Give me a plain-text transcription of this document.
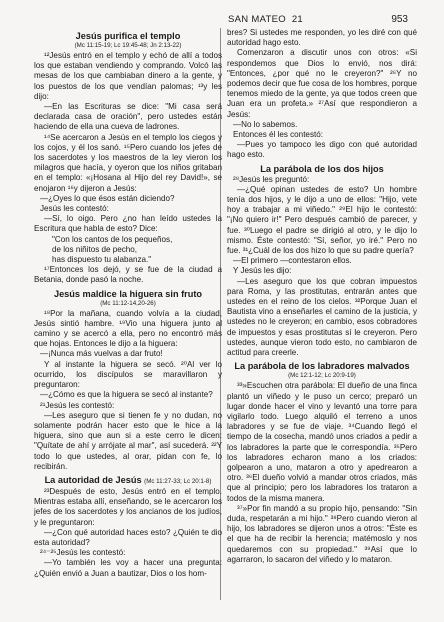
SAN MATEO 21	953
Jesús purifica el templo
(Mc 11:15-19; Lc 19:45-48; Jn 2:13-22)

¹²Jesús entró en el templo y echó de allí a todos los que estaban vendiendo y comprando. Volcó las mesas de los que cambiaban dinero a la gente, y los puestos de los que vendían palomas; ¹³y les dijo:

—En las Escrituras se dice: "Mi casa será declarada casa de oración", pero ustedes están haciendo de ella una cueva de ladrones.

¹⁴Se acercaron a Jesús en el templo los ciegos y los cojos, y él los sanó. ¹⁵Pero cuando los jefes de los sacerdotes y los maestros de la ley vieron los milagros que hacía, y oyeron que los niños gritaban en el templo: «¡Hosana al Hijo del rey David!», se enojaron ¹⁶y dijeron a Jesús:

—¿Oyes lo que ésos están diciendo?

Jesús les contestó:

—Sí, lo oigo. Pero ¿no han leído ustedes la Escritura que habla de esto? Dice:

"Con los cantos de los pequeños,

de los niñitos de pecho,

has dispuesto tu alabanza."

¹⁷Entonces los dejó, y se fue de la ciudad a Betania, donde pasó la noche.

Jesús maldice la higuera sin fruto
(Mc 11:12-14,20-26)

¹⁸Por la mañana, cuando volvía a la ciudad, Jesús sintió hambre. ¹⁹Vio una higuera junto al camino y se acercó a ella, pero no encontró más que hojas. Entonces le dijo a la higuera:

—¡Nunca más vuelvas a dar fruto!

Y al instante la higuera se secó. ²⁰Al ver lo ocurrido, los discípulos se maravillaron y preguntaron:

—¿Cómo es que la higuera se secó al instante?

²¹Jesús les contestó:

—Les aseguro que si tienen fe y no dudan, no solamente podrán hacer esto que le hice a la higuera, sino que aun si a este cerro le dicen: "Quítate de ahí y arrójate al mar", así sucederá. ²²Y todo lo que ustedes, al orar, pidan con fe, lo recibirán.

La autoridad de Jesús (Mc 11:27-33; Lc 20:1-8)

²³Después de esto, Jesús entró en el templo. Mientras estaba allí, enseñando, se le acercaron los jefes de los sacerdotes y los ancianos de los judíos, y le preguntaron:

—¿Con qué autoridad haces esto? ¿Quién te dio esta autoridad?

²⁴⁻²⁵Jesús les contestó:

—Yo también les voy a hacer una pregunta: ¿Quién envió a Juan a bautizar, Dios o los hom-

bres? Si ustedes me responden, yo les diré con qué autoridad hago esto.

Comenzaron a discutir unos con otros: «Si respondemos que Dios lo envió, nos dirá: "Entonces, ¿por qué no le creyeron?" ²⁶Y no podemos decir que fue cosa de los hombres, porque tenemos miedo de la gente, ya que todos creen que Juan era un profeta.» ²⁷Así que respondieron a Jesús:

—No lo sabemos.

Entonces él les contestó:

—Pues yo tampoco les digo con qué autoridad hago esto.

La parábola de los dos hijos

²⁸Jesús les preguntó:

—¿Qué opinan ustedes de esto? Un hombre tenía dos hijos, y le dijo a uno de ellos: "Hijo, vete hoy a trabajar a mi viñedo." ²⁹El hijo le contestó: "¡No quiero ir!" Pero después cambió de parecer, y fue. ³⁰Luego el padre se dirigió al otro, y le dijo lo mismo. Éste contestó: "Sí, señor, yo iré." Pero no fue. ³¹¿Cuál de los dos hizo lo que su padre quería?

—El primero —contestaron ellos.

Y Jesús les dijo:

—Les aseguro que los que cobran impuestos para Roma, y las prostitutas, entrarán antes que ustedes en el reino de los cielos. ³²Porque Juan el Bautista vino a enseñarles el camino de la justicia, y ustedes no le creyeron; en cambio, esos cobradores de impuestos y esas prostitutas sí le creyeron. Pero ustedes, aunque vieron todo esto, no cambiaron de actitud para creerle.

La parábola de los labradores malvados
(Mc 12:1-12; Lc 20:9-19)

³³»Escuchen otra parábola: El dueño de una finca plantó un viñedo y le puso un cerco; preparó un lugar donde hacer el vino y levantó una torre para vigilarlo todo. Luego alquiló el terreno a unos labradores y se fue de viaje. ³⁴Cuando llegó el tiempo de la cosecha, mandó unos criados a pedir a los labradores la parte que le correspondía. ³⁵Pero los labradores echaron mano a los criados: golpearon a uno, mataron a otro y apedrearon a otro. ³⁶El dueño volvió a mandar otros criados, más que al principio; pero los labradores los trataron a todos de la misma manera.

³⁷»Por fin mandó a su propio hijo, pensando: "Sin duda, respetarán a mi hijo." ³⁸Pero cuando vieron al hijo, los labradores se dijeron unos a otros: "Éste es el que ha de recibir la herencia; matémoslo y nos quedaremos con su propiedad." ³⁹Así que lo agarraron, lo sacaron del viñedo y lo mataron.
